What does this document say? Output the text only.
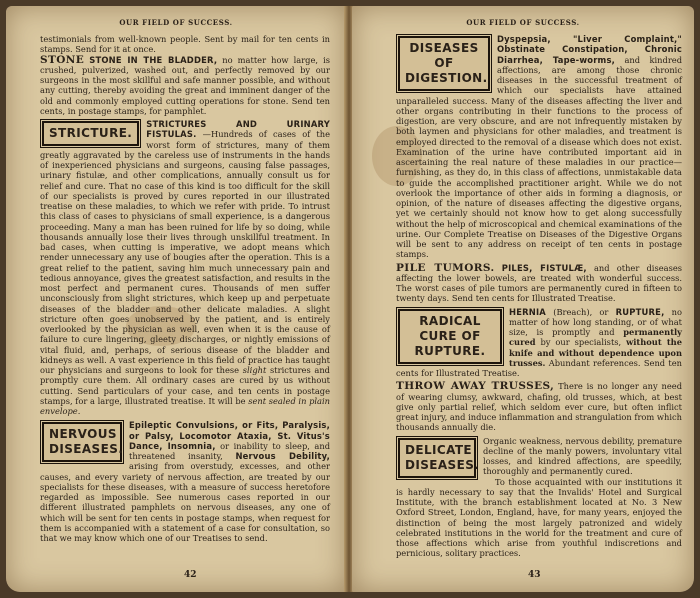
OUR FIELD OF SUCCESS.

testimonials from well-known people. Sent by mail for ten cents in stamps. Send for it at once.

STONE STONE IN THE BLADDER, no matter how large, is crushed, pulverized, washed out, and perfectly removed by our surgeons in the most skillful and safe manner possible, and without any cutting, thereby avoiding the great and imminent danger of the old and commonly employed cutting operations for stone. Send ten cents, in postage stamps, for pamphlet.

STRICTURE.
STRICTURES AND URINARY FISTULAS. —Hundreds of cases of the worst form of strictures, many of them greatly aggravated by the careless use of instruments in the hands of inexperienced physicians and surgeons, causing false passages, urinary fistulæ, and other complications, annually consult us for relief and cure. That no case of this kind is too difficult for the skill of our specialists is proved by cures reported in our illustrated treatise on these maladies, to which we refer with pride. To intrust this class of cases to physicians of small experience, is a dangerous proceeding. Many a man has been ruined for life by so doing, while thousands annually lose their lives through unskillful treatment. In bad cases, when cutting is imperative, we adopt means which render unnecessary any use of bougies after the operation. This is a great relief to the patient, saving him much unnecessary pain and tedious annoyance, gives the greatest satisfaction, and results in the most perfect and permanent cures. Thousands of men suffer unconsciously from slight strictures, which keep up and perpetuate diseases of the bladder and other delicate maladies. A slight stricture often goes unobserved by the patient, and is entirely overlooked by the physician as well, even when it is the cause of failure to cure lingering, gleety discharges, or nightly emissions of vital fluid, and, perhaps, of serious disease of the bladder and kidneys as well. A vast experience in this field of practice has taught our physicians and surgeons to look for these slight strictures and promptly cure them. All ordinary cases are cured by us without cutting. Send particulars of your case, and ten cents in postage stamps, for a large, illustrated treatise. It will be sent sealed in plain envelope.
NERVOUS DISEASES.
Epileptic Convulsions, or Fits, Paralysis, or Palsy, Locomotor Ataxia, St. Vitus's Dance, Insomnia, or inability to sleep, and threatened insanity, Nervous Debility, arising from overstudy, excesses, and other causes, and every variety of nervous affection, are treated by our specialists for these diseases, with a measure of success heretofore regarded as impossible. See numerous cases reported in our different illustrated pamphlets on nervous diseases, any one of which will be sent for ten cents in postage stamps, when request for them is accompanied with a statement of a case for consultation, so that we may know which one of our Treatises to send.
42
OUR FIELD OF SUCCESS.
DISEASES OF DIGESTION.
Dyspepsia, "Liver Complaint," Obstinate Constipation, Chronic Diarrhea, Tape-worms, and kindred affections, are among those chronic diseases in the successful treatment of which our specialists have attained unparalleled success. Many of the diseases affecting the liver and other organs contributing in their functions to the process of digestion, are very obscure, and are not infrequently mistaken by both laymen and physicians for other maladies, and treatment is employed directed to the removal of a disease which does not exist. Examination of the urine have contributed important aid in ascertaining the real nature of these maladies in our practice—furnishing, as they do, in this class of affections, unmistakable data to guide the accomplished practitioner aright. While we do not overlook the importance of other aids in forming a diagnosis, or opinion, of the nature of diseases affecting the digestive organs, yet we certainly should not know how to get along successfully without the help of microscopical and chemical examinations of the urine. Our Complete Treatise on Diseases of the Digestive Organs will be sent to any address on receipt of ten cents in postage stamps.

PILE TUMORS. PILES, FISTULÆ, and other diseases affecting the lower bowels, are treated with wonderful success. The worst cases of pile tumors are permanently cured in fifteen to twenty days. Send ten cents for Illustrated Treatise.

RADICAL CURE OF RUPTURE.
HERNIA (Breach), or RUPTURE, no matter of how long standing, or of what size, is promptly and permanently cured by our specialists, without the knife and without dependence upon trusses. Abundant references. Send ten cents for Illustrated Treatise.

THROW AWAY TRUSSES, There is no longer any need of wearing clumsy, awkward, chafing, old trusses, which, at best give only partial relief, which seldom ever cure, but often inflict great injury, and induce inflammation and strangulation from which thousands annually die.

DELICATE DISEASES.
Organic weakness, nervous debility, premature decline of the manly powers, involuntary vital losses, and kindred affections, are speedily, thoroughly and permanently cured.

To those acquainted with our institutions it is hardly necessary to say that the Invalids' Hotel and Surgical Institute, with the branch establishment located at No. 3 New Oxford Street, London, England, have, for many years, enjoyed the distinction of being the most largely patronized and widely celebrated institutions in the world for the treatment and cure of those affections which arise from youthful indiscretions and pernicious, solitary practices.

43
